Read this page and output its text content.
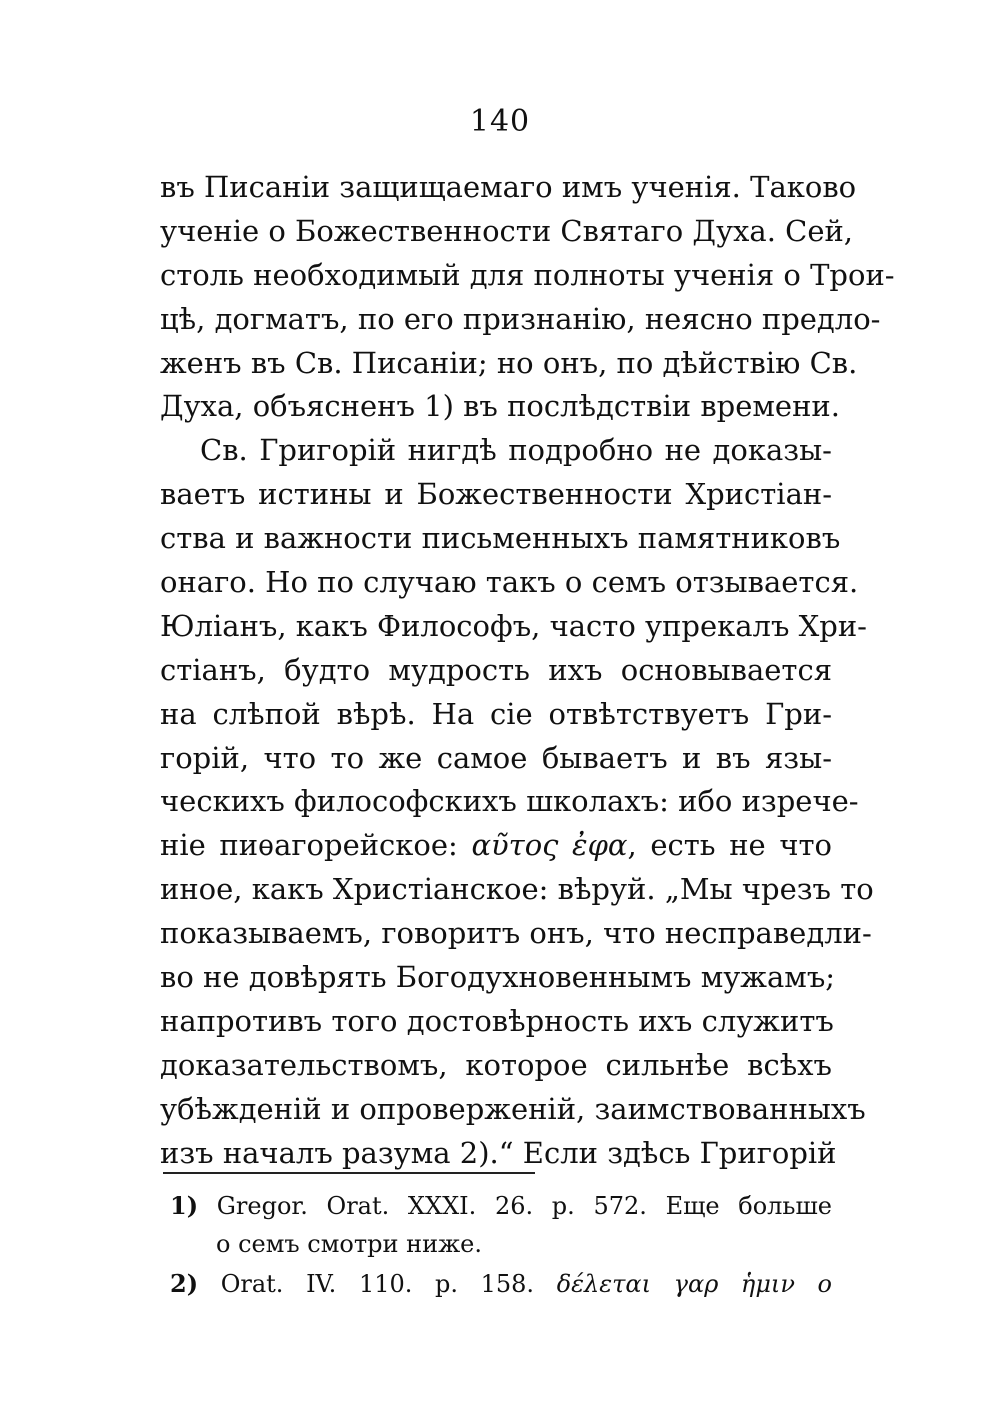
140
въ Писаніи защищаемаго имъ ученія. Таково
ученіе о Божественности Святаго Духа. Сей,
столь необходимый для полноты ученія о Трои-
цѣ, догматъ, по его признанію, неясно предло-
женъ въ Св. Писаніи; но онъ, по дѣйствію Св.
Духа, объясненъ 1) въ послѣдствіи времени.
Св. Григорій нигдѣ подробно не доказы-
ваетъ истины и Божественности Христіан-
ства и важности письменныхъ памятниковъ
онаго. Но по случаю такъ о семъ отзывается.
Юліанъ, какъ Философъ, часто упрекалъ Хри-
стіанъ, будто мудрость ихъ основывается
на слѣпой вѣрѣ. На сіе отвѣтствуетъ Гри-
горій, что то же самое бываетъ и въ язы-
ческихъ философскихъ школахъ: ибо изрече-
ніе пиѳагорейское: αυ̃τος ἐφα, есть не что
иное, какъ Христіанское: вѣруй. „Мы чрезъ то
показываемъ, говоритъ онъ, что несправедли-
во не довѣрять Богодухновеннымъ мужамъ;
напротивъ того достовѣрность ихъ служитъ
доказательствомъ, которое сильнѣе всѣхъ
убѣжденій и опроверженій, заимствованныхъ
изъ началъ разума 2).“ Если здѣсь Григорій
1) Gregor. Orat. XXXI. 26. p. 572. Еще больше
о семъ смотри ниже.
2) Orat. IV. 110. p. 158. δέλεται γαρ ἡμιν ο
